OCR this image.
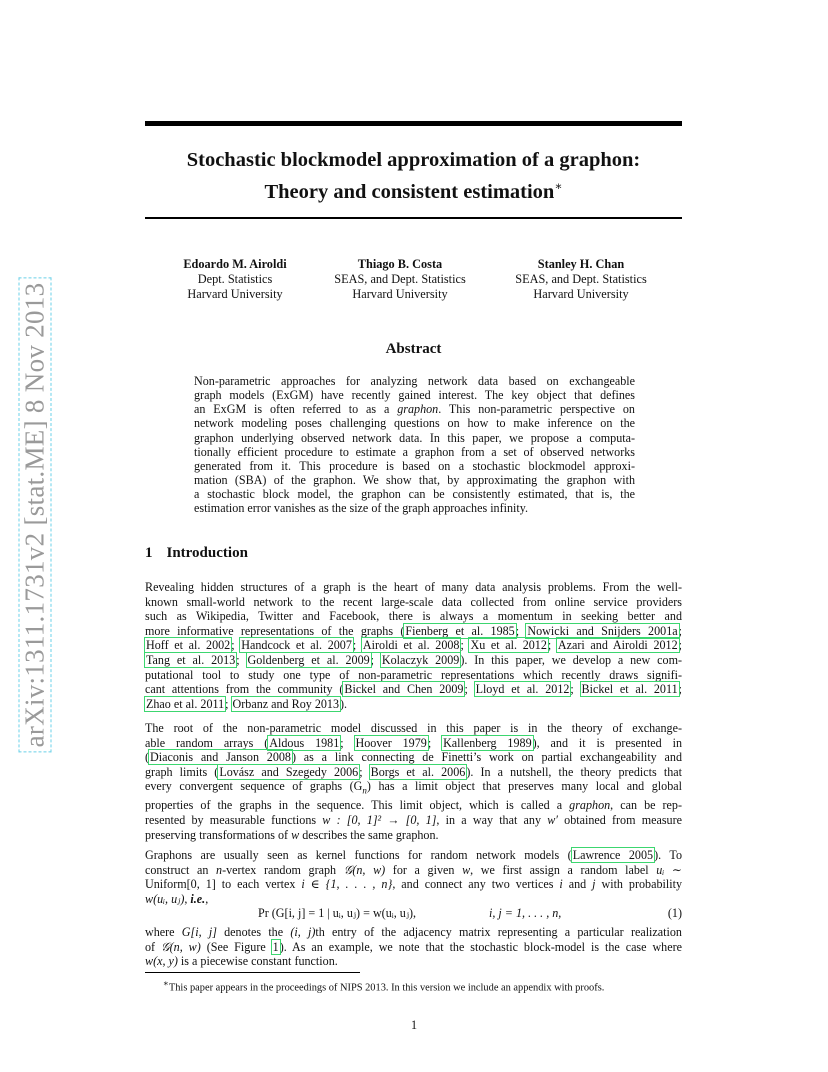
arXiv:1311.1731v2 [stat.ME] 8 Nov 2013
Stochastic blockmodel approximation of a graphon:
Theory and consistent estimation∗
Edoardo M. Airoldi
Dept. Statistics
Harvard University
Thiago B. Costa
SEAS, and Dept. Statistics
Harvard University
Stanley H. Chan
SEAS, and Dept. Statistics
Harvard University
Abstract
Non-parametric approaches for analyzing network data based on exchangeable
graph models (ExGM) have recently gained interest. The key object that defines
an ExGM is often referred to as a graphon. This non-parametric perspective on
network modeling poses challenging questions on how to make inference on the
graphon underlying observed network data. In this paper, we propose a computa-
tionally efficient procedure to estimate a graphon from a set of observed networks
generated from it. This procedure is based on a stochastic blockmodel approxi-
mation (SBA) of the graphon. We show that, by approximating the graphon with
a stochastic block model, the graphon can be consistently estimated, that is, the
estimation error vanishes as the size of the graph approaches infinity.
1 Introduction
Revealing hidden structures of a graph is the heart of many data analysis problems. From the well-
known small-world network to the recent large-scale data collected from online service providers
such as Wikipedia, Twitter and Facebook, there is always a momentum in seeking better and
more informative representations of the graphs (Fienberg et al. 1985; Nowicki and Snijders 2001a;
Hoff et al. 2002; Handcock et al. 2007; Airoldi et al. 2008; Xu et al. 2012; Azari and Airoldi 2012;
Tang et al. 2013; Goldenberg et al. 2009; Kolaczyk 2009). In this paper, we develop a new com-
putational tool to study one type of non-parametric representations which recently draws signifi-
cant attentions from the community (Bickel and Chen 2009; Lloyd et al. 2012; Bickel et al. 2011;
Zhao et al. 2011; Orbanz and Roy 2013).
The root of the non-parametric model discussed in this paper is in the theory of exchange-
able random arrays (Aldous 1981; Hoover 1979; Kallenberg 1989), and it is presented in
(Diaconis and Janson 2008) as a link connecting de Finetti’s work on partial exchangeability and
graph limits (Lovász and Szegedy 2006; Borgs et al. 2006). In a nutshell, the theory predicts that
every convergent sequence of graphs $(G_n)$ has a limit object that preserves many local and global
properties of the graphs in the sequence. This limit object, which is called a graphon, can be rep-
resented by measurable functions w : [0, 1]² → [0, 1], in a way that any w′ obtained from measure
preserving transformations of w describes the same graphon.
Graphons are usually seen as kernel functions for random network models (Lawrence 2005). To
construct an n-vertex random graph 𝒢(n, w) for a given w, we first assign a random label uᵢ ∼
Uniform[0, 1] to each vertex i ∈ {1, . . . , n}, and connect any two vertices i and j with probability
w(uᵢ, uⱼ), i.e.,
Pr (G[i, j] = 1 | uᵢ, uⱼ) = w(uᵢ, uⱼ),	i, j = 1, . . . , n,	(1)
where G[i, j] denotes the (i, j)th entry of the adjacency matrix representing a particular realization
of 𝒢(n, w) (See Figure 1). As an example, we note that the stochastic block-model is the case where
w(x, y) is a piecewise constant function.
∗This paper appears in the proceedings of NIPS 2013. In this version we include an appendix with proofs.
1
